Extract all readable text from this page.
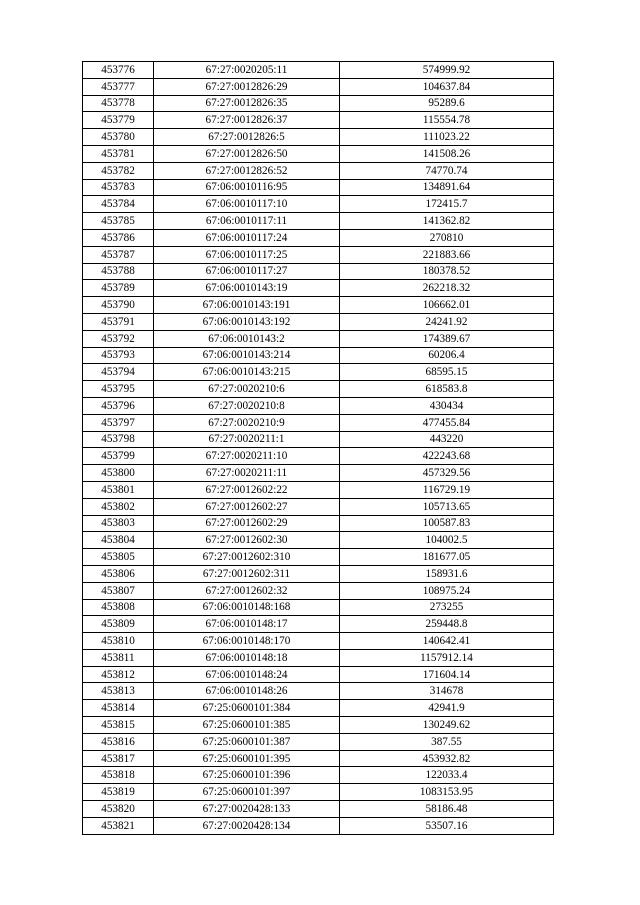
453776	67:27:0020205:11	574999.92
453777	67:27:0012826:29	104637.84
453778	67:27:0012826:35	95289.6
453779	67:27:0012826:37	115554.78
453780	67:27:0012826:5	111023.22
453781	67:27:0012826:50	141508.26
453782	67:27:0012826:52	74770.74
453783	67:06:0010116:95	134891.64
453784	67:06:0010117:10	172415.7
453785	67:06:0010117:11	141362.82
453786	67:06:0010117:24	270810
453787	67:06:0010117:25	221883.66
453788	67:06:0010117:27	180378.52
453789	67:06:0010143:19	262218.32
453790	67:06:0010143:191	106662.01
453791	67:06:0010143:192	24241.92
453792	67:06:0010143:2	174389.67
453793	67:06:0010143:214	60206.4
453794	67:06:0010143:215	68595.15
453795	67:27:0020210:6	618583.8
453796	67:27:0020210:8	430434
453797	67:27:0020210:9	477455.84
453798	67:27:0020211:1	443220
453799	67:27:0020211:10	422243.68
453800	67:27:0020211:11	457329.56
453801	67:27:0012602:22	116729.19
453802	67:27:0012602:27	105713.65
453803	67:27:0012602:29	100587.83
453804	67:27:0012602:30	104002.5
453805	67:27:0012602:310	181677.05
453806	67:27:0012602:311	158931.6
453807	67:27:0012602:32	108975.24
453808	67:06:0010148:168	273255
453809	67:06:0010148:17	259448.8
453810	67:06:0010148:170	140642.41
453811	67:06:0010148:18	1157912.14
453812	67:06:0010148:24	171604.14
453813	67:06:0010148:26	314678
453814	67:25:0600101:384	42941.9
453815	67:25:0600101:385	130249.62
453816	67:25:0600101:387	387.55
453817	67:25:0600101:395	453932.82
453818	67:25:0600101:396	122033.4
453819	67:25:0600101:397	1083153.95
453820	67:27:0020428:133	58186.48
453821	67:27:0020428:134	53507.16
